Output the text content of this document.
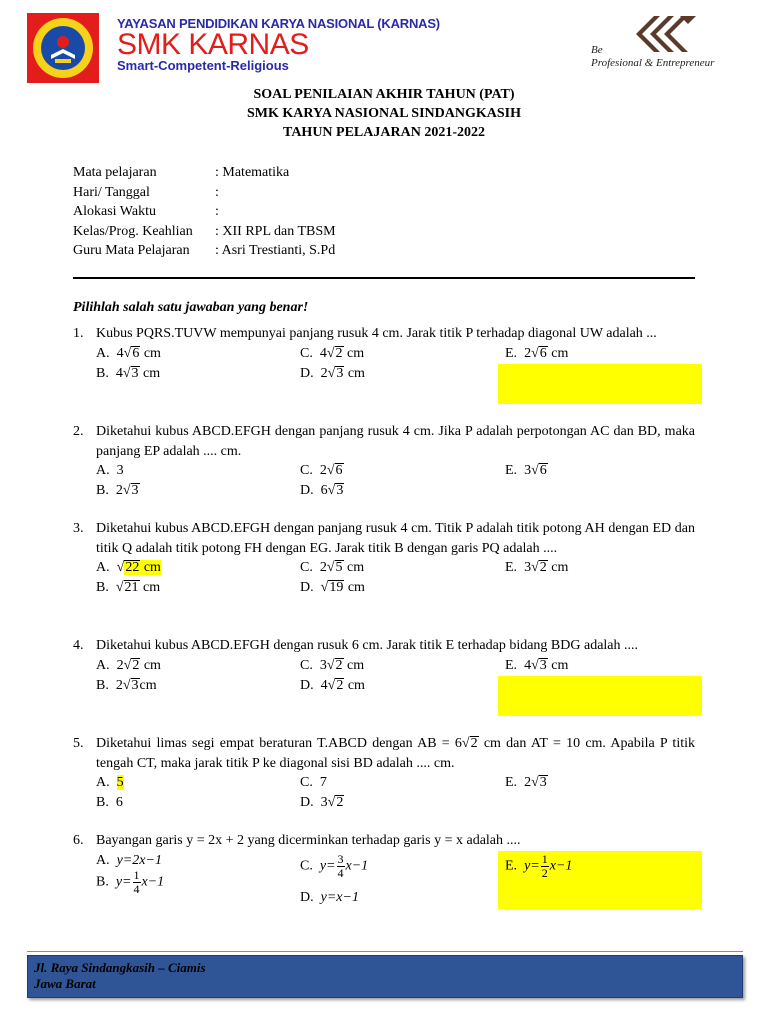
YAYASAN PENDIDIKAN KARYA NASIONAL (KARNAS)
SMK KARNAS
Smart-Competent-Religious
Be
Profesional & Entrepreneur
SOAL PENILAIAN AKHIR TAHUN (PAT)
SMK KARYA NASIONAL SINDANGKASIH
TAHUN PELAJARAN 2021-2022
Mata pelajaran	: Matematika
Hari/ Tanggal	:
Alokasi Waktu	:
Kelas/Prog. Keahlian	: XII RPL dan TBSM
Guru Mata Pelajaran	: Asri Trestianti, S.Pd
Pilihlah salah satu jawaban yang benar!
1. Kubus PQRS.TUVW mempunyai panjang rusuk 4 cm. Jarak titik P terhadap diagonal UW adalah ...
A. 4√6 cm
B. 4√3 cm
C. 4√2 cm
D. 2√3 cm
E. 2√6 cm
2. Diketahui kubus ABCD.EFGH dengan panjang rusuk 4 cm. Jika P adalah perpotongan AC dan BD, maka panjang EP adalah .... cm.
A. 3
B. 2√3
C. 2√6
D. 6√3
E. 3√6
3. Diketahui kubus ABCD.EFGH dengan panjang rusuk 4 cm. Titik P adalah titik potong AH dengan ED dan titik Q adalah titik potong FH dengan EG. Jarak titik B dengan garis PQ adalah ....
A. √22 cm
B. √21 cm
C. 2√5 cm
D. √19 cm
E. 3√2 cm
4. Diketahui kubus ABCD.EFGH dengan rusuk 6 cm. Jarak titik E terhadap bidang BDG adalah ....
A. 2√2 cm
B. 2√3cm
C. 3√2 cm
D. 4√2 cm
E. 4√3 cm
5. Diketahui limas segi empat beraturan T.ABCD dengan AB = 6√2 cm dan AT = 10 cm. Apabila P titik tengah CT, maka jarak titik P ke diagonal sisi BD adalah .... cm.
A. 5
B. 6
C. 7
D. 3√2
E. 2√3
6. Bayangan garis y = 2x + 2 yang dicerminkan terhadap garis y = x adalah ....
A. y=2x−1
B. $y= \frac{1}{4} x-1$
C. $y= \frac{3}{4} x-1$
D. y=x−1
E. $y= \frac{1}{2} x-1$
Jl. Raya Sindangkasih – Ciamis
Jawa Barat
